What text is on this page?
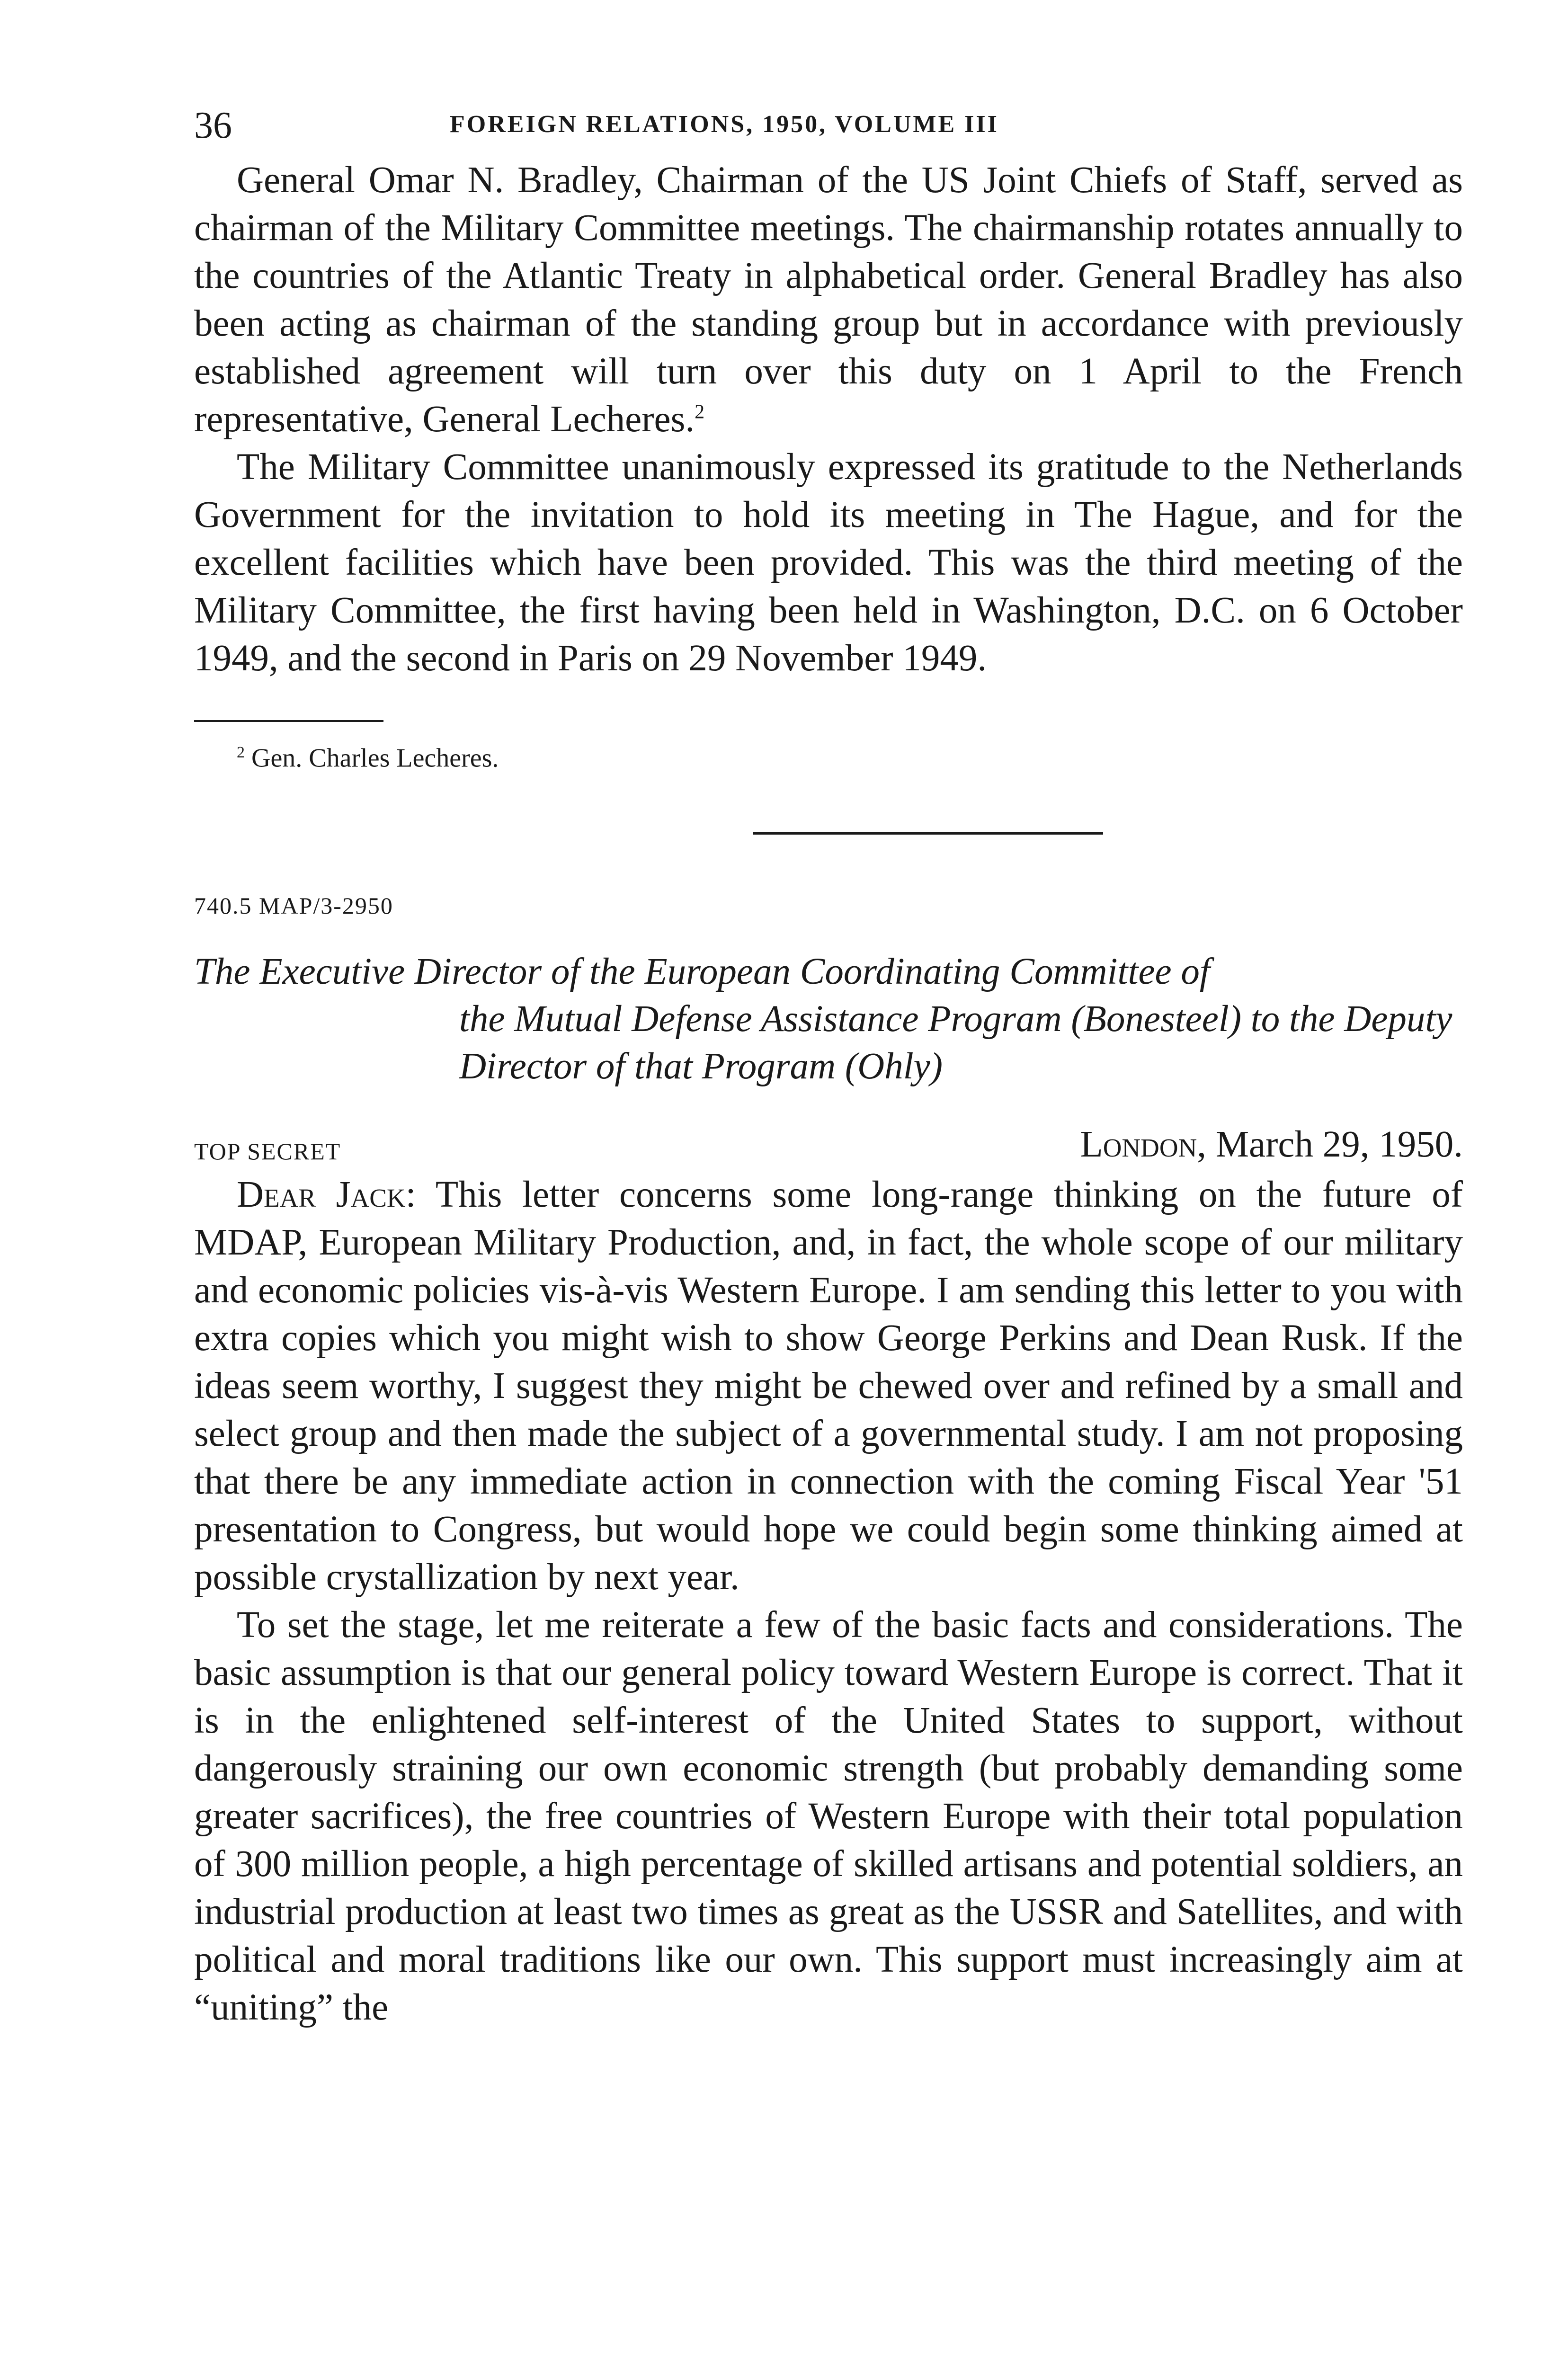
36	FOREIGN RELATIONS, 1950, VOLUME III

General Omar N. Bradley, Chairman of the US Joint Chiefs of Staff, served as chairman of the Military Committee meetings. The chairmanship rotates annually to the countries of the Atlantic Treaty in alphabetical order. General Bradley has also been acting as chairman of the standing group but in accordance with previously established agreement will turn over this duty on 1 April to the French representative, General Lecheres.$^2$

The Military Committee unanimously expressed its gratitude to the Netherlands Government for the invitation to hold its meeting in The Hague, and for the excellent facilities which have been provided. This was the third meeting of the Military Committee, the first having been held in Washington, D.C. on 6 October 1949, and the second in Paris on 29 November 1949.

$^2$ Gen. Charles Lecheres.
740.5 MAP/3-2950
The Executive Director of the European Coordinating Committee of
the Mutual Defense Assistance Program (Bonesteel) to the Deputy
Director of that Program (Ohly)
TOP SECRET	London, March 29, 1950.

Dear Jack: This letter concerns some long-range thinking on the future of MDAP, European Military Production, and, in fact, the whole scope of our military and economic policies vis-à-vis Western Europe. I am sending this letter to you with extra copies which you might wish to show George Perkins and Dean Rusk. If the ideas seem worthy, I suggest they might be chewed over and refined by a small and select group and then made the subject of a governmental study. I am not proposing that there be any immediate action in connection with the coming Fiscal Year '51 presentation to Congress, but would hope we could begin some thinking aimed at possible crystallization by next year.

To set the stage, let me reiterate a few of the basic facts and considerations. The basic assumption is that our general policy toward Western Europe is correct. That it is in the enlightened self-interest of the United States to support, without dangerously straining our own economic strength (but probably demanding some greater sacrifices), the free countries of Western Europe with their total population of 300 million people, a high percentage of skilled artisans and potential soldiers, an industrial production at least two times as great as the USSR and Satellites, and with political and moral traditions like our own. This support must increasingly aim at “uniting” the
